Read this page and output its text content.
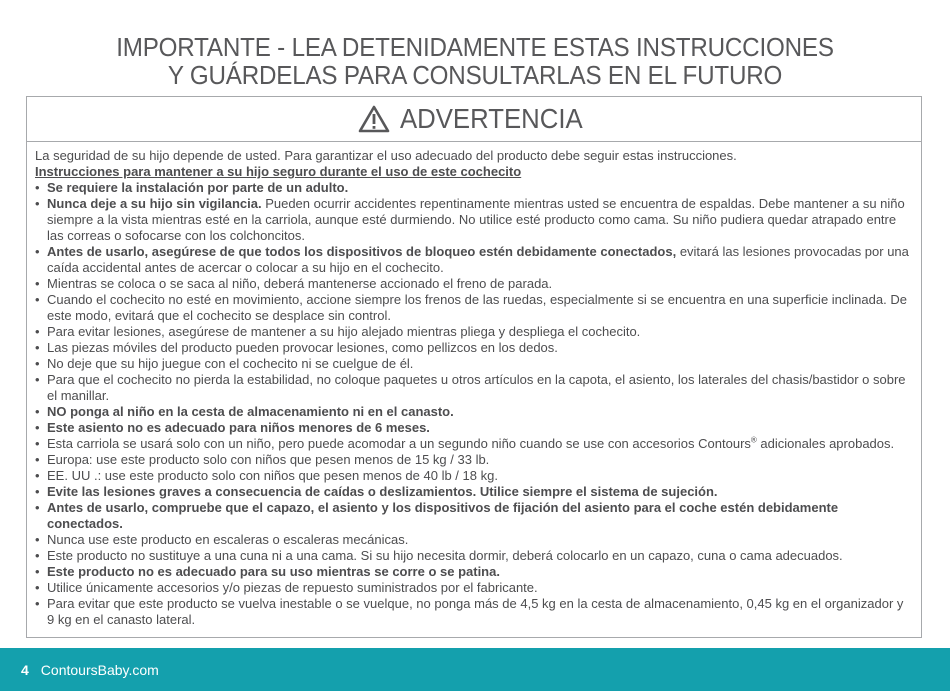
IMPORTANTE - LEA DETENIDAMENTE ESTAS INSTRUCCIONES
Y GUÁRDELAS PARA CONSULTARLAS EN EL FUTURO
ADVERTENCIA
La seguridad de su hijo depende de usted. Para garantizar el uso adecuado del producto debe seguir estas instrucciones.
Instrucciones para mantener a su hijo seguro durante el uso de este cochecito
• Se requiere la instalación por parte de un adulto.
• Nunca deje a su hijo sin vigilancia. Pueden ocurrir accidentes repentinamente mientras usted se encuentra de espaldas. Debe mantener a su niño siempre a la vista mientras esté en la carriola, aunque esté durmiendo. No utilice esté producto como cama. Su niño pudiera quedar atrapado entre las correas o sofocarse con los colchoncitos.
• Antes de usarlo, asegúrese de que todos los dispositivos de bloqueo estén debidamente conectados, evitará las lesiones provocadas por una caída accidental antes de acercar o colocar a su hijo en el cochecito.
• Mientras se coloca o se saca al niño, deberá mantenerse accionado el freno de parada.
• Cuando el cochecito no esté en movimiento, accione siempre los frenos de las ruedas, especialmente si se encuentra en una superficie inclinada. De este modo, evitará que el cochecito se desplace sin control.
• Para evitar lesiones, asegúrese de mantener a su hijo alejado mientras pliega y despliega el cochecito.
• Las piezas móviles del producto pueden provocar lesiones, como pellizcos en los dedos.
• No deje que su hijo juegue con el cochecito ni se cuelgue de él.
• Para que el cochecito no pierda la estabilidad, no coloque paquetes u otros artículos en la capota, el asiento, los laterales del chasis/bastidor o sobre el manillar.
• NO ponga al niño en la cesta de almacenamiento ni en el canasto.
• Este asiento no es adecuado para niños menores de 6 meses.
• Esta carriola se usará solo con un niño, pero puede acomodar a un segundo niño cuando se use con accesorios Contours® adicionales aprobados.
• Europa: use este producto solo con niños que pesen menos de 15 kg / 33 lb.
• EE. UU .: use este producto solo con niños que pesen menos de 40 lb / 18 kg.
• Evite las lesiones graves a consecuencia de caídas o deslizamientos. Utilice siempre el sistema de sujeción.
• Antes de usarlo, compruebe que el capazo, el asiento y los dispositivos de fijación del asiento para el coche estén debidamente conectados.
• Nunca use este producto en escaleras o escaleras mecánicas.
• Este producto no sustituye a una cuna ni a una cama. Si su hijo necesita dormir, deberá colocarlo en un capazo, cuna o cama adecuados.
• Este producto no es adecuado para su uso mientras se corre o se patina.
• Utilice únicamente accesorios y/o piezas de repuesto suministrados por el fabricante.
• Para evitar que este producto se vuelva inestable o se vuelque, no ponga más de 4,5 kg en la cesta de almacenamiento, 0,45 kg en el organizador y 9 kg en el canasto lateral.
4 ContoursBaby.com
